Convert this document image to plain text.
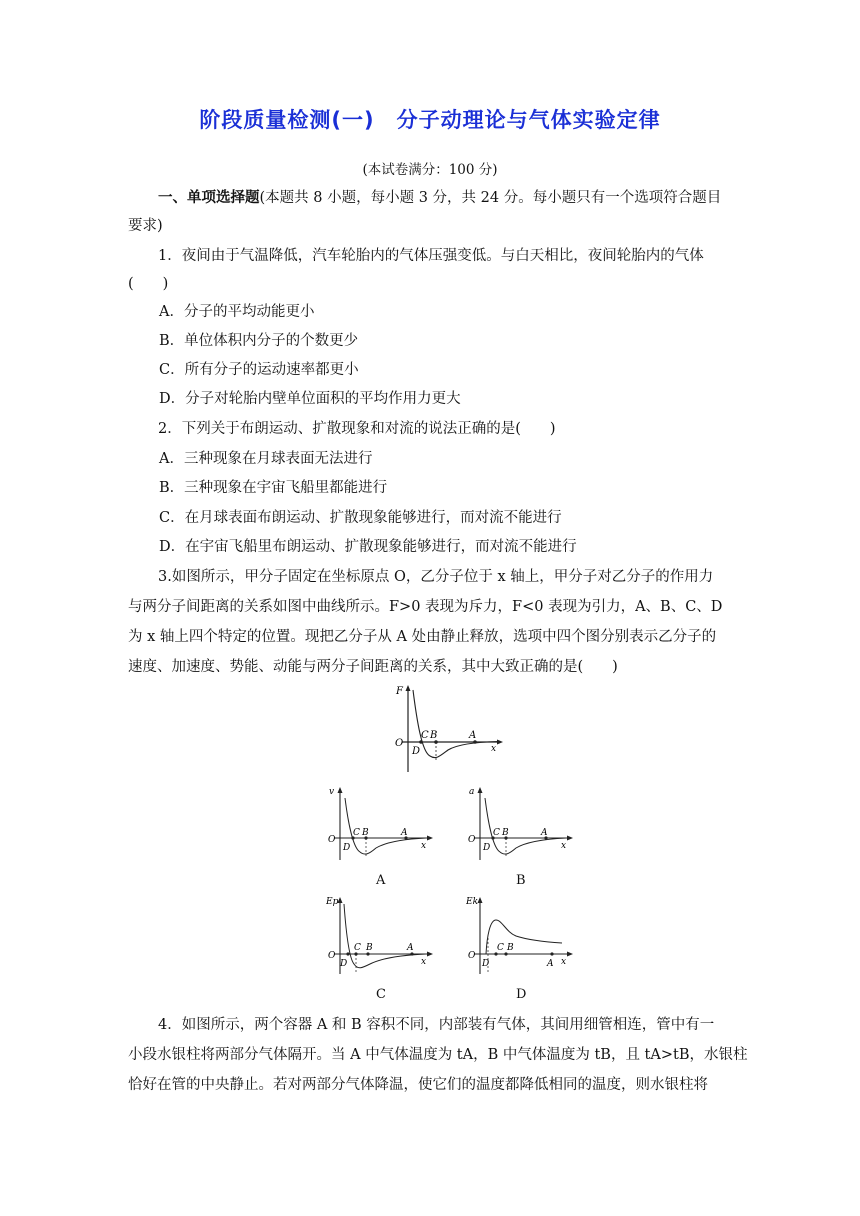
阶段质量检测(一)　分子动理论与气体实验定律
(本试卷满分：100 分)
一、单项选择题(本题共 8 小题，每小题 3 分，共 24 分。每小题只有一个选项符合题目
要求)
1．夜间由于气温降低，汽车轮胎内的气体压强变低。与白天相比，夜间轮胎内的气体
(　　)
A．分子的平均动能更小
B．单位体积内分子的个数更少
C．所有分子的运动速率都更小
D．分子对轮胎内壁单位面积的平均作用力更大
2．下列关于布朗运动、扩散现象和对流的说法正确的是(　　)
A．三种现象在月球表面无法进行
B．三种现象在宇宙飞船里都能进行
C．在月球表面布朗运动、扩散现象能够进行，而对流不能进行
D．在宇宙飞船里布朗运动、扩散现象能够进行，而对流不能进行
3.如图所示，甲分子固定在坐标原点 O，乙分子位于 x 轴上，甲分子对乙分子的作用力
与两分子间距离的关系如图中曲线所示。F>0 表现为斥力，F<0 表现为引力，A、B、C、D
为 x 轴上四个特定的位置。现把乙分子从 A 处由静止释放，选项中四个图分别表示乙分子的
速度、加速度、势能、动能与两分子间距离的关系，其中大致正确的是(　　)
F
O	x
C B	A
D
v
O
x
C B	A
D
A
a
O
x
C B	A
D
B
Ep
O
x
C B	A
D
C
Ek
O
x
C B
A
D
D
4．如图所示，两个容器 A 和 B 容积不同，内部装有气体，其间用细管相连，管中有一
小段水银柱将两部分气体隔开。当 A 中气体温度为 tA，B 中气体温度为 tB，且 tA>tB，水银柱
恰好在管的中央静止。若对两部分气体降温，使它们的温度都降低相同的温度，则水银柱将
